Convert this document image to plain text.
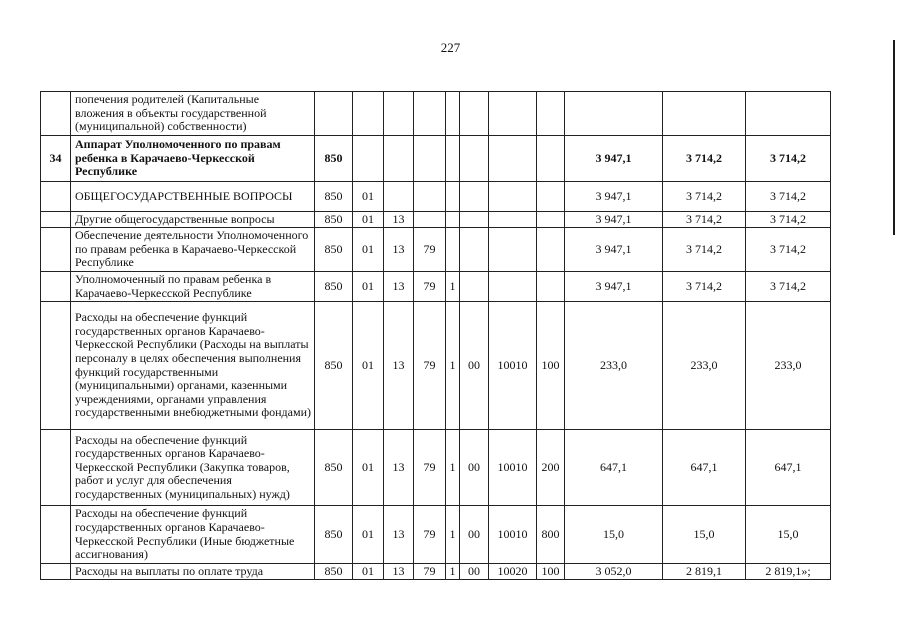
227
	попечения родителей (Капитальные вложения в объекты государственной (муниципальной) собственности)											
34	Аппарат Уполномоченного по правам ребенка в Карачаево-Черкесской Республике	850								3 947,1	3 714,2	3 714,2
	ОБЩЕГОСУДАРСТВЕННЫЕ ВОПРОСЫ	850	01							3 947,1	3 714,2	3 714,2
	Другие общегосударственные вопросы	850	01	13						3 947,1	3 714,2	3 714,2
	Обеспечение деятельности Уполномоченного по правам ребенка в Карачаево-Черкесской Республике	850	01	13	79					3 947,1	3 714,2	3 714,2
	Уполномоченный по правам ребенка в Карачаево-Черкесской Республике	850	01	13	79	1				3 947,1	3 714,2	3 714,2
	Расходы на обеспечение функций государственных органов Карачаево-Черкесской Республики (Расходы на выплаты персоналу в целях обеспечения выполнения функций государственными (муниципальными) органами, казенными учреждениями, органами управления государственными внебюджетными фондами)	850	01	13	79	1	00	10010	100	233,0	233,0	233,0
	Расходы на обеспечение функций государственных органов Карачаево-Черкесской Республики (Закупка товаров, работ и услуг для обеспечения государственных (муниципальных) нужд)	850	01	13	79	1	00	10010	200	647,1	647,1	647,1
	Расходы на обеспечение функций государственных органов Карачаево-Черкесской Республики (Иные бюджетные ассигнования)	850	01	13	79	1	00	10010	800	15,0	15,0	15,0
	Расходы на выплаты по оплате труда	850	01	13	79	1	00	10020	100	3 052,0	2 819,1	2 819,1»;
